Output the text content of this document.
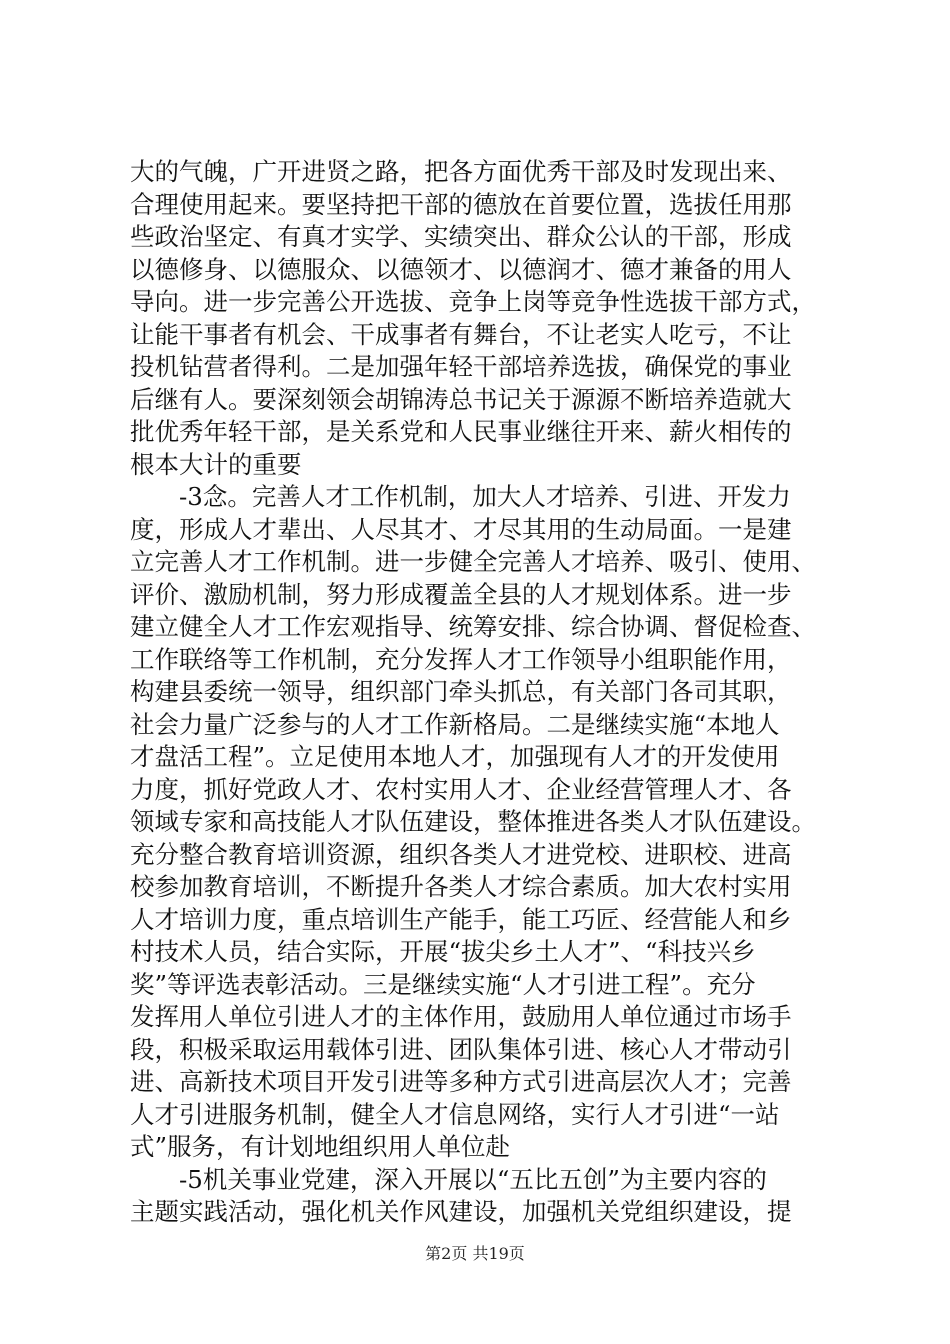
大的气魄，广开进贤之路，把各方面优秀干部及时发现出来、
合理使用起来。要坚持把干部的德放在首要位置，选拔任用那
些政治坚定、有真才实学、实绩突出、群众公认的干部，形成
以德修身、以德服众、以德领才、以德润才、德才兼备的用人
导向。进一步完善公开选拔、竞争上岗等竞争性选拔干部方式，
让能干事者有机会、干成事者有舞台，不让老实人吃亏，不让
投机钻营者得利。二是加强年轻干部培养选拔，确保党的事业
后继有人。要深刻领会胡锦涛总书记关于源源不断培养造就大
批优秀年轻干部，是关系党和人民事业继往开来、薪火相传的
根本大计的重要
　　-3念。完善人才工作机制，加大人才培养、引进、开发力
度，形成人才辈出、人尽其才、才尽其用的生动局面。一是建
立完善人才工作机制。进一步健全完善人才培养、吸引、使用、
评价、激励机制，努力形成覆盖全县的人才规划体系。进一步
建立健全人才工作宏观指导、统筹安排、综合协调、督促检查、
工作联络等工作机制，充分发挥人才工作领导小组职能作用，
构建县委统一领导，组织部门牵头抓总，有关部门各司其职，
社会力量广泛参与的人才工作新格局。二是继续实施“本地人
才盘活工程”。立足使用本地人才，加强现有人才的开发使用
力度，抓好党政人才、农村实用人才、企业经营管理人才、各
领域专家和高技能人才队伍建设，整体推进各类人才队伍建设。
充分整合教育培训资源，组织各类人才进党校、进职校、进高
校参加教育培训，不断提升各类人才综合素质。加大农村实用
人才培训力度，重点培训生产能手，能工巧匠、经营能人和乡
村技术人员，结合实际，开展“拔尖乡土人才”、“科技兴乡
奖”等评选表彰活动。三是继续实施“人才引进工程”。充分
发挥用人单位引进人才的主体作用，鼓励用人单位通过市场手
段，积极采取运用载体引进、团队集体引进、核心人才带动引
进、高新技术项目开发引进等多种方式引进高层次人才；完善
人才引进服务机制，健全人才信息网络，实行人才引进“一站
式”服务，有计划地组织用人单位赴
　　-5机关事业党建，深入开展以“五比五创”为主要内容的
主题实践活动，强化机关作风建设，加强机关党组织建设，提
第2页 共19页
